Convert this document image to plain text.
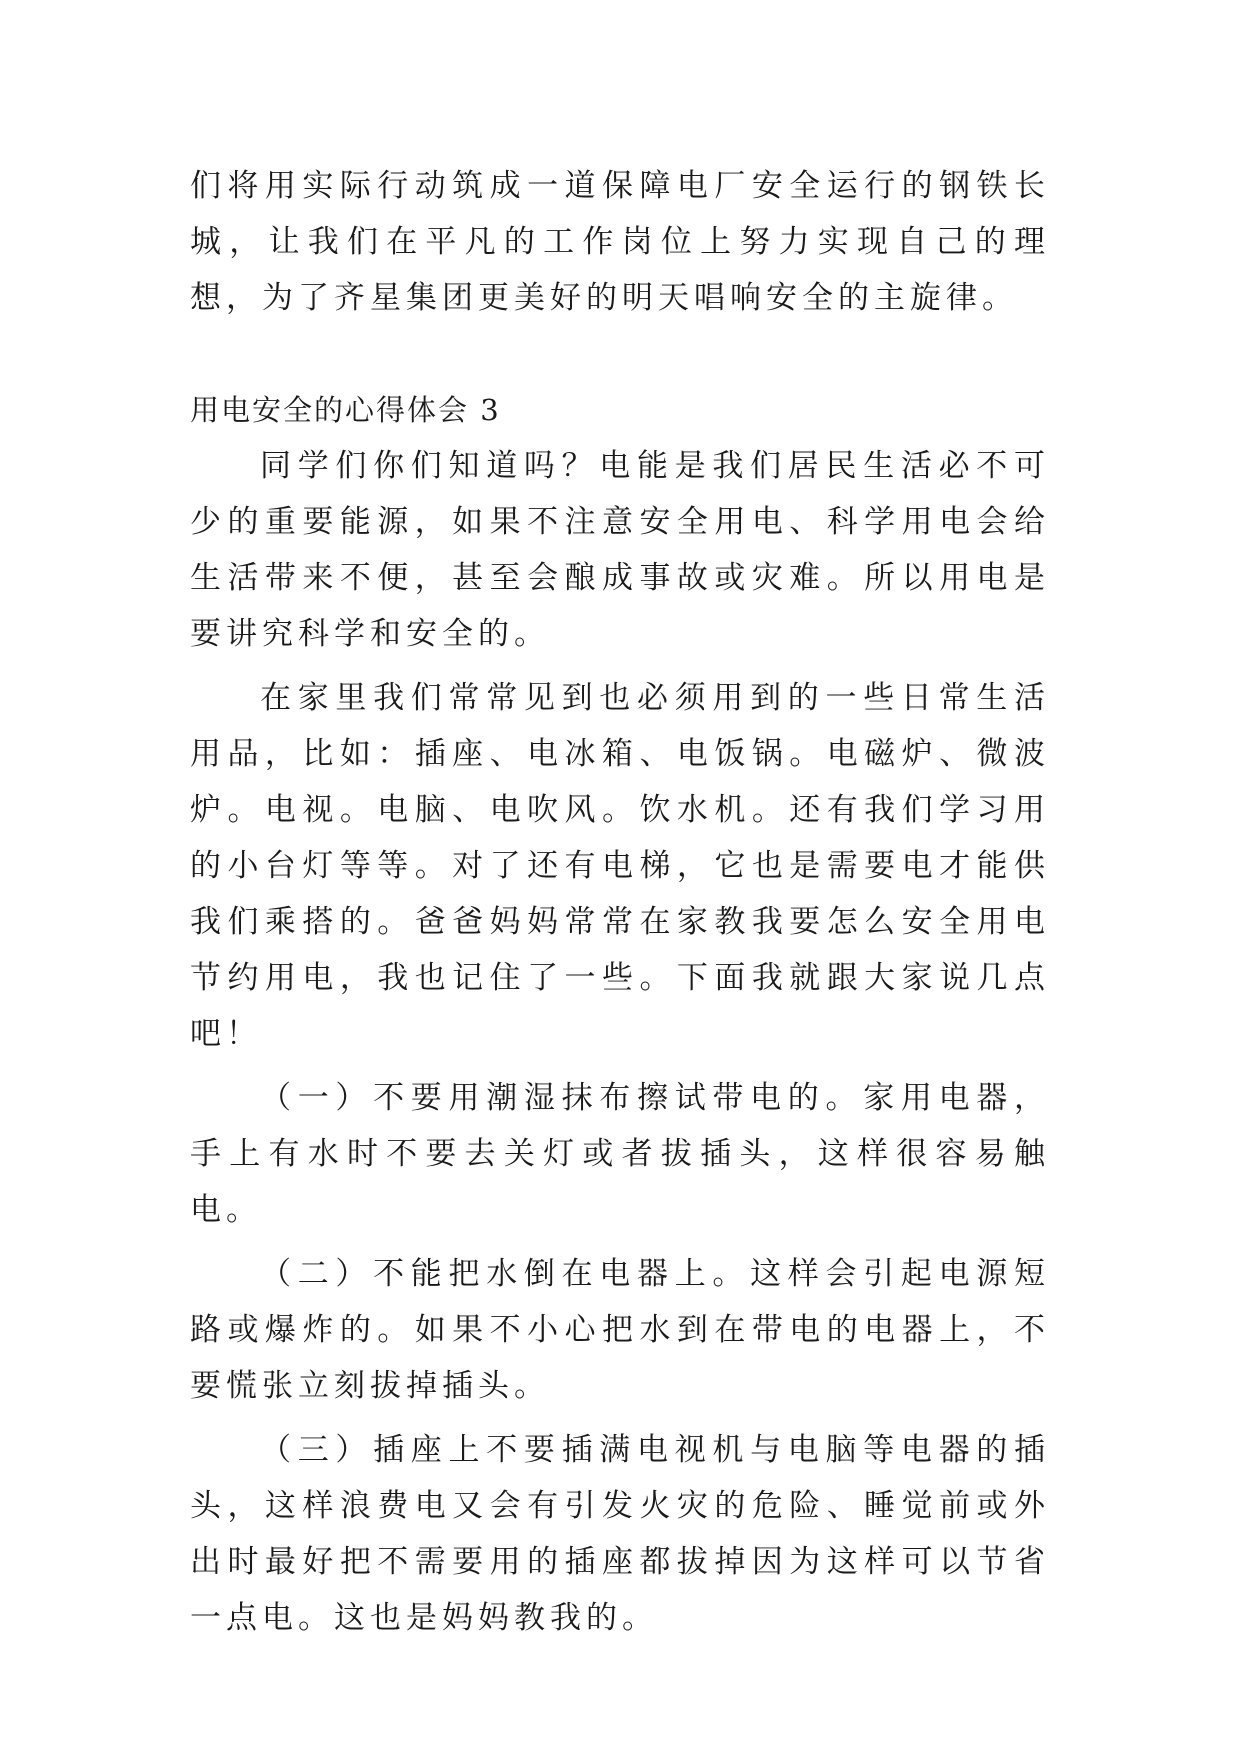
们将用实际行动筑成一道保障电厂安全运行的钢铁长城，让我们在平凡的工作岗位上努力实现自己的理想，为了齐星集团更美好的明天唱响安全的主旋律。

用电安全的心得体会 3

同学们你们知道吗？电能是我们居民生活必不可少的重要能源，如果不注意安全用电、科学用电会给生活带来不便，甚至会酿成事故或灾难。所以用电是要讲究科学和安全的。

在家里我们常常见到也必须用到的一些日常生活用品，比如：插座、电冰箱、电饭锅。电磁炉、微波炉。电视。电脑、电吹风。饮水机。还有我们学习用的小台灯等等。对了还有电梯，它也是需要电才能供我们乘搭的。爸爸妈妈常常在家教我要怎么安全用电节约用电，我也记住了一些。下面我就跟大家说几点吧！

（一）不要用潮湿抹布擦试带电的。家用电器，手上有水时不要去关灯或者拔插头，这样很容易触电。

（二）不能把水倒在电器上。这样会引起电源短路或爆炸的。如果不小心把水到在带电的电器上，不要慌张立刻拔掉插头。

（三）插座上不要插满电视机与电脑等电器的插头，这样浪费电又会有引发火灾的危险、睡觉前或外出时最好把不需要用的插座都拔掉因为这样可以节省一点电。这也是妈妈教我的。
